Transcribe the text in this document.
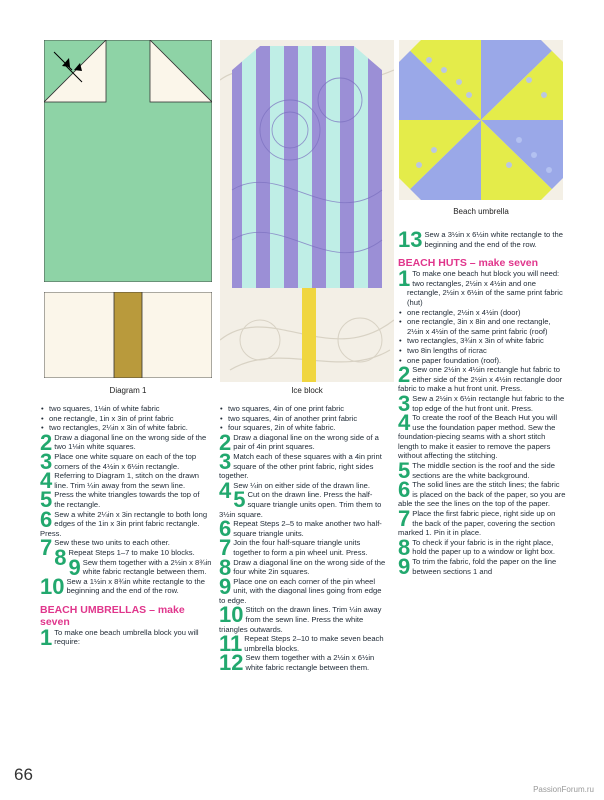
Diagram 1	Ice block
Beach umbrella

• two squares, 1⅛in of white fabric

• one rectangle, 1in x 3in of print fabric

• two rectangles, 2¼in x 3in of white fabric.

2 Draw a diagonal line on the wrong side of the two 1⅛in white squares.
3 Place one white square on each of the top corners of the 4½in x 6½in rectangle.
4 Referring to Diagram 1, stitch on the drawn line. Trim ¼in away from the sewn line.
5 Press the white triangles towards the top of the rectangle.
6 Sew a white 2¼in x 3in rectangle to both long edges of the 1in x 3in print fabric rectangle. Press.
7 Sew these two units to each other.
8 Repeat Steps 1–7 to make 10 blocks.
9 Sew them together with a 2½in x 8¾in white fabric rectangle between them.
10 Sew a 1½in x 8¾in white rectangle to the beginning and the end of the row.

BEACH UMBRELLAS – make seven

1 To make one beach umbrella block you will require:

• two squares, 4in of one print fabric

• two squares, 4in of another print fabric

• four squares, 2in of white fabric.

2 Draw a diagonal line on the wrong side of a pair of 4in print squares.
3 Match each of these squares with a 4in print square of the other print fabric, right sides together.
4 Sew ¼in on either side of the drawn line.
5 Cut on the drawn line. Press the half-square triangle units open. Trim them to 3½in square.
6 Repeat Steps 2–5 to make another two half-square triangle units.
7 Join the four half-square triangle units together to form a pin wheel unit. Press.
8 Draw a diagonal line on the wrong side of the four white 2in squares.
9 Place one on each corner of the pin wheel unit, with the diagonal lines going from edge to edge.
10 Stitch on the drawn lines. Trim ¼in away from the sewn line. Press the white triangles outwards.
11 Repeat Steps 2–10 to make seven beach umbrella blocks.
12 Sew them together with a 2½in x 6½in white fabric rectangle between them.
13 Sew a 3½in x 6½in white rectangle to the beginning and the end of the row.

BEACH HUTS – make seven

1 To make one beach hut block you will need:

• two rectangles, 2½in x 4½in and one rectangle, 2½in x 6½in of the same print fabric (hut)

• one rectangle, 2½in x 4½in (door)

• one rectangle, 3in x 8in and one rectangle, 2½in x 4½in of the same print fabric (roof)

• two rectangles, 3¾in x 3in of white fabric

• two 8in lengths of ricrac

• one paper foundation (roof).

2 Sew one 2½in x 4½in rectangle hut fabric to either side of the 2½in x 4½in rectangle door fabric to make a hut front unit. Press.
3 Sew a 2½in x 6½in rectangle hut fabric to the top edge of the hut front unit. Press.
4 To create the roof of the Beach Hut you will use the foundation paper method. Sew the foundation-piecing seams with a short stitch length to make it easier to remove the papers without affecting the stitching.
5 The middle section is the roof and the side sections are the white background.
6 The solid lines are the stitch lines; the fabric is placed on the back of the paper, so you are able the see the lines on the top of the paper.
7 Place the first fabric piece, right side up on the back of the paper, covering the section marked 1. Pin it in place.
8 To check if your fabric is in the right place, hold the paper up to a window or light box.
9 To trim the fabric, fold the paper on the line between sections 1 and
66
PassionForum.ru
